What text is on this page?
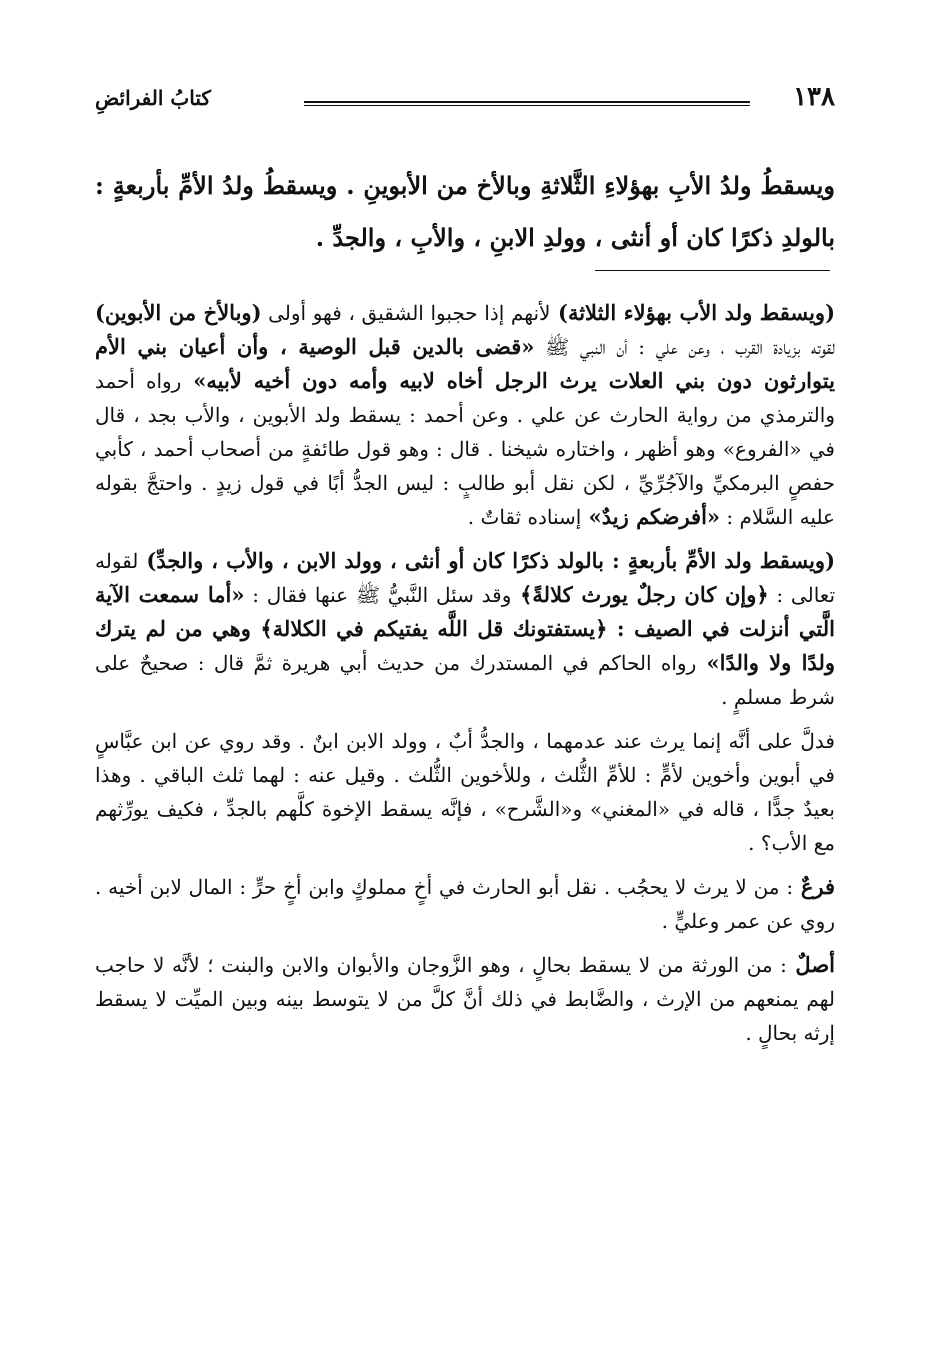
١٣٨
كتابُ الفرائضِ
ويسقطُ ولدُ الأبِ بهؤلاءِ الثَّلاثةِ وبالأخ من الأبوينِ . ويسقطُ ولدُ الأمِّ بأربعةٍ : بالولدِ ذكرًا كان أو أنثى ، وولدِ الابنِ ، والأبِ ، والجدِّ .

(ويسقط ولد الأب بهؤلاء الثلاثة) لأنهم إذا حجبوا الشقيق ، فهو أولى (وبالأخ من الأبوين) لقوته بزيادة القرب ، وعن علي : أن النبي ﷺ «قضى بالدين قبل الوصية ، وأن أعيان بني الأم يتوارثون دون بني العلات يرث الرجل أخاه لابيه وأمه دون أخيه لأبيه» رواه أحمد والترمذي من رواية الحارث عن علي . وعن أحمد : يسقط ولد الأبوين ، والأب بجد ، قال في «الفروع» وهو أظهر ، واختاره شيخنا . قال : وهو قول طائفةٍ من أصحاب أحمد ، كأبي حفصٍ البرمكيِّ والآجُرِّيِّ ، لكن نقل أبو طالبٍ : ليس الجدُّ أبًا في قول زيدٍ . واحتجَّ بقوله عليه السَّلام : «أفرضكم زيدٌ» إسناده ثقاتٌ .

(ويسقط ولد الأمِّ بأربعةٍ : بالولد ذكرًا كان أو أنثى ، وولد الابن ، والأب ، والجدِّ) لقوله تعالى : ﴿وإن كان رجلٌ يورث كلالةً﴾ وقد سئل النَّبيُّ ﷺ عنها فقال : «أما سمعت الآية الَّتي أنزلت في الصيف : ﴿يستفتونك قل اللَّه يفتيكم في الكلالة﴾ وهي من لم يترك ولدًا ولا والدًا» رواه الحاكم في المستدرك من حديث أبي هريرة ثمَّ قال : صحيحٌ على شرط مسلمٍ .

فدلَّ على أنَّه إنما يرث عند عدمهما ، والجدُّ أبٌ ، وولد الابن ابنٌ . وقد روي عن ابن عبَّاسٍ في أبوين وأخوين لأمٍّ : للأمِّ الثُّلث ، وللأخوين الثُّلث . وقيل عنه : لهما ثلث الباقي . وهذا بعيدٌ جدًّا ، قاله في «المغني» و«الشَّرح» ، فإنَّه يسقط الإخوة كلَّهم بالجدِّ ، فكيف يورِّثهم مع الأب؟ .

فرعٌ : من لا يرث لا يحجُب . نقل أبو الحارث في أخٍ مملوكٍ وابن أخٍ حرٍّ : المال لابن أخيه . روي عن عمر وعليٍّ .

أصلٌ : من الورثة من لا يسقط بحالٍ ، وهو الزَّوجان والأبوان والابن والبنت ؛ لأنَّه لا حاجب لهم يمنعهم من الإرث ، والضَّابط في ذلك أنَّ كلَّ من لا يتوسط بينه وبين الميِّت لا يسقط إرثه بحالٍ .
